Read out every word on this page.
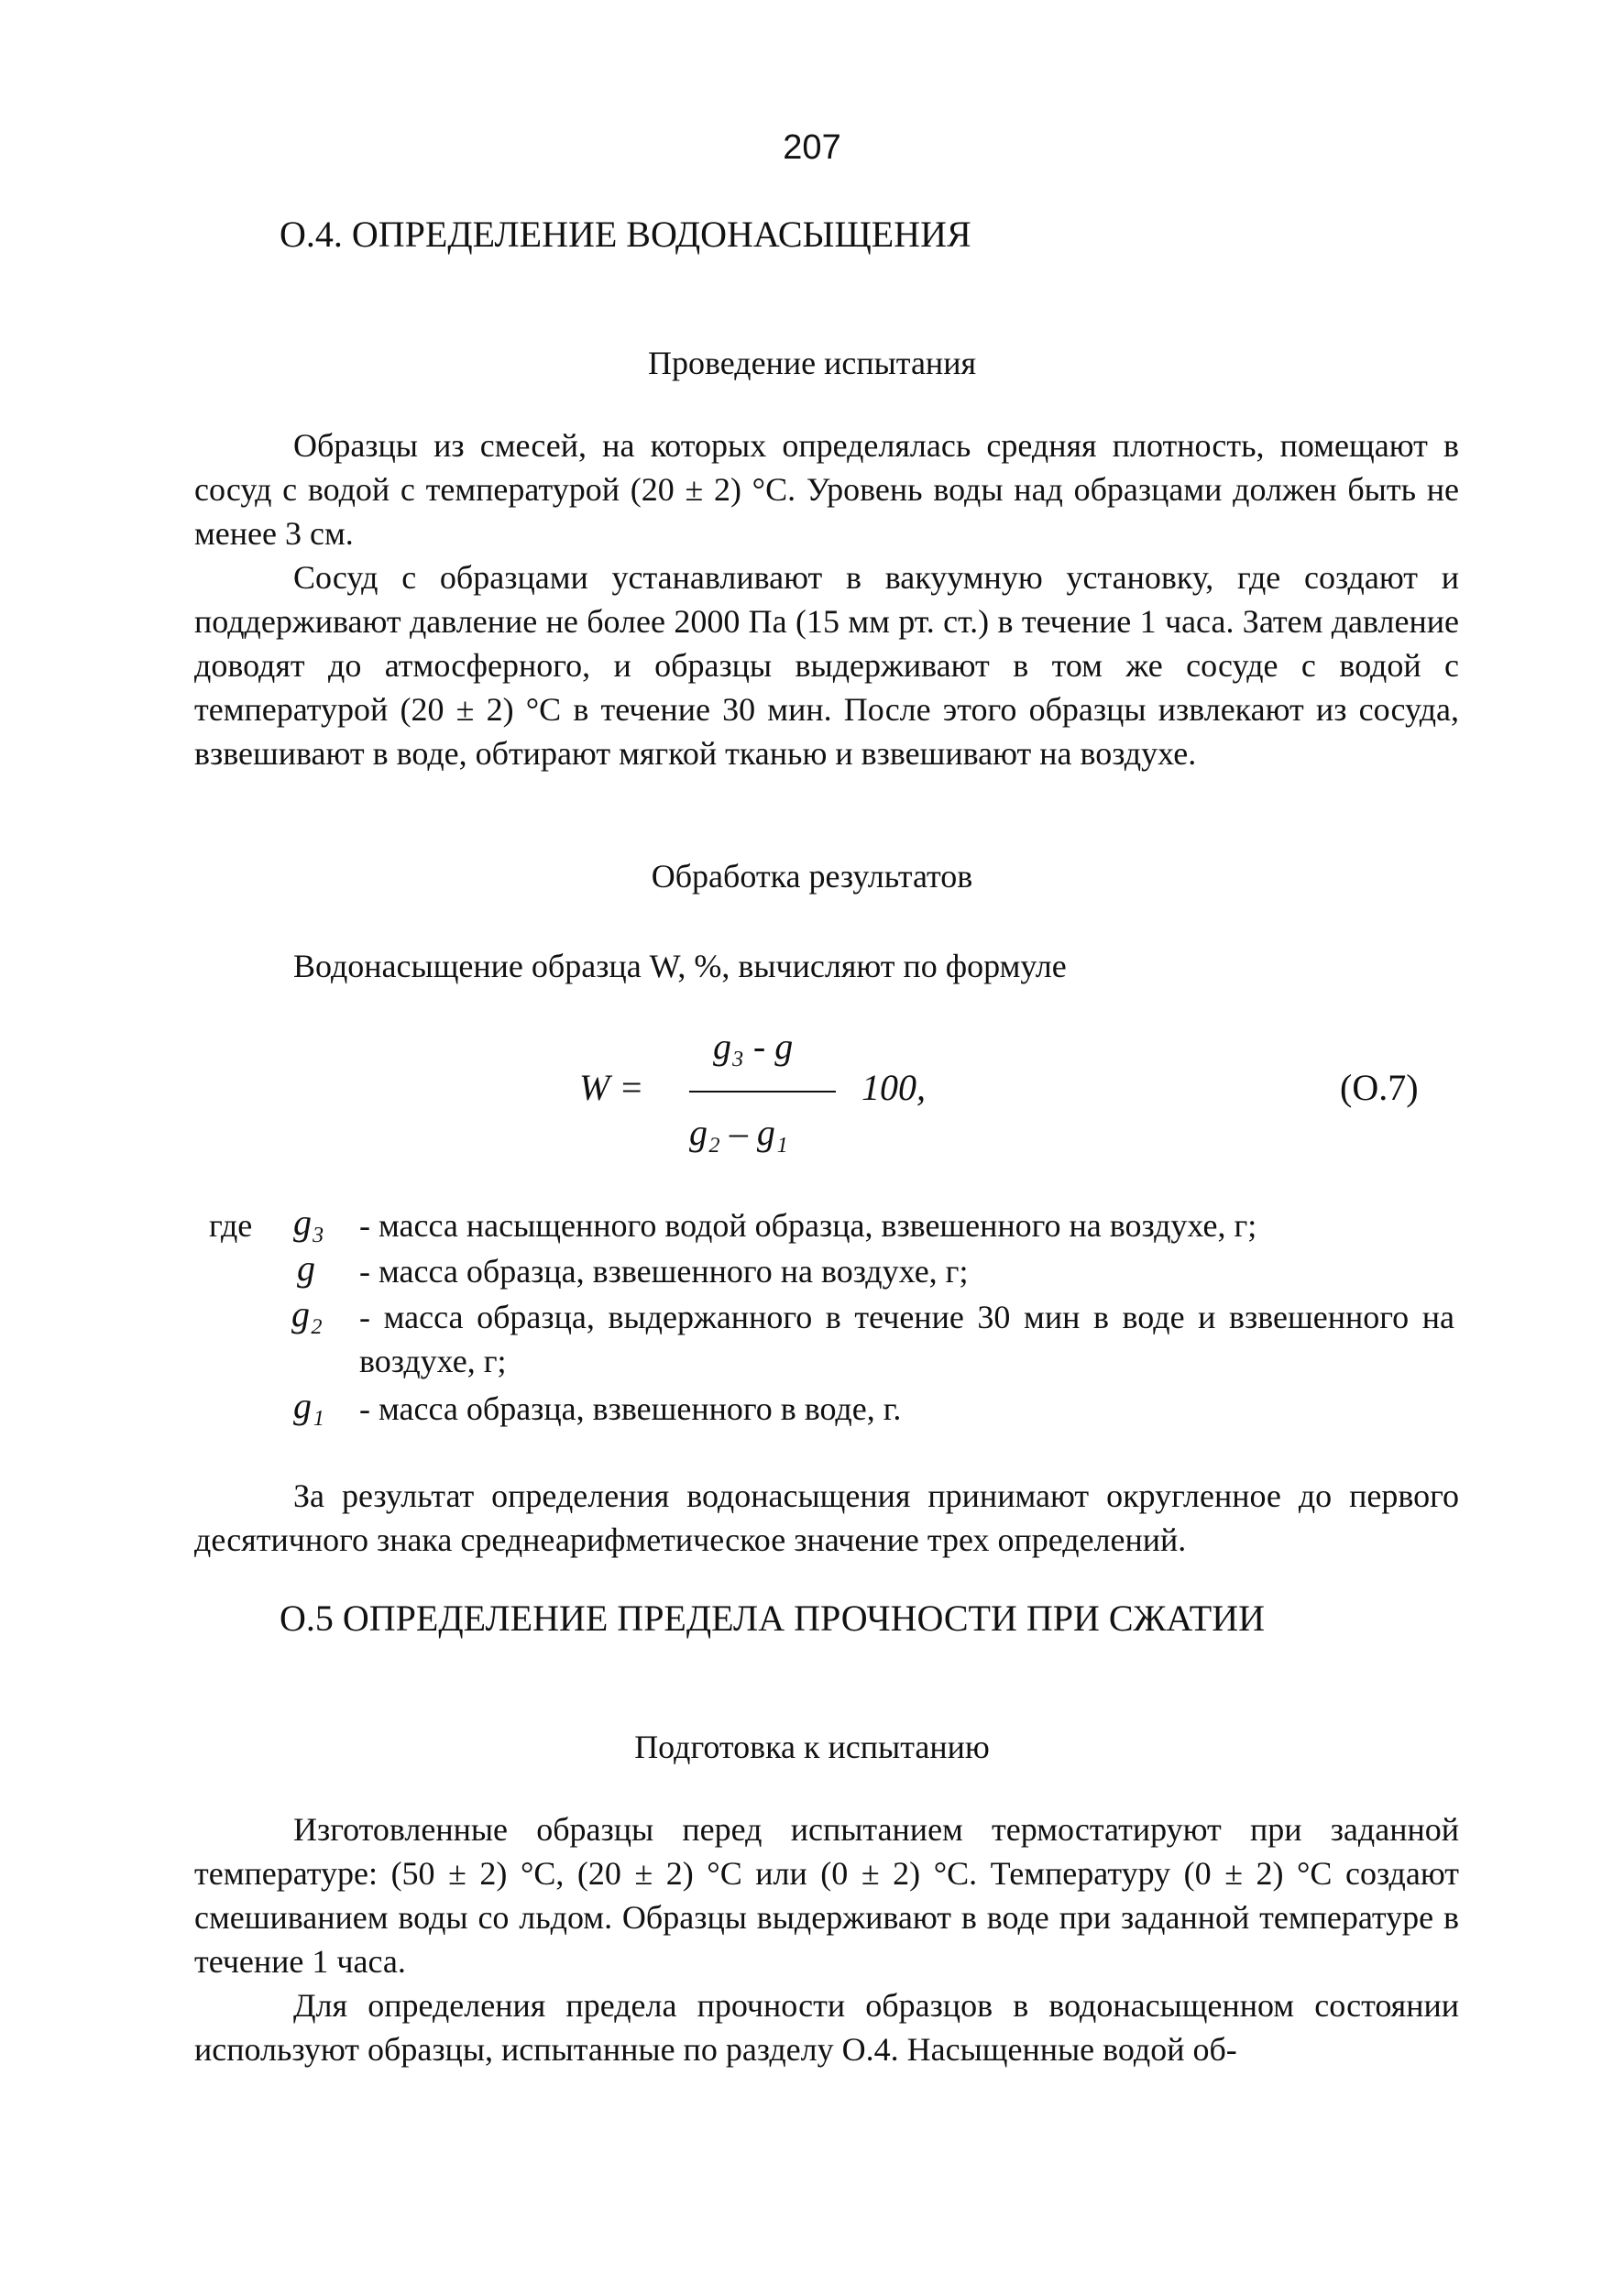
207
О.4. ОПРЕДЕЛЕНИЕ ВОДОНАСЫЩЕНИЯ
Проведение испытания
Образцы из смесей, на которых определялась средняя плотность, помещают в сосуд с водой с температурой (20 ± 2) °С. Уровень воды над образцами должен быть не менее 3 см.
Сосуд с образцами устанавливают в вакуумную установку, где создают и поддерживают давление не более 2000 Па (15 мм рт. ст.) в течение 1 часа. Затем давление доводят до атмосферного, и образцы выдерживают в том же сосуде с водой с температурой (20 ± 2) °С в течение 30 мин. После этого образцы извлекают из сосуда, взвешивают в воде, обтирают мягкой тканью и взвешивают на воздухе.
Обработка результатов
Водонасыщение образца W, %, вычисляют по формуле
W =
g₃ - g
g₂ – g₁
100,	(О.7)
где g₃ - масса насыщенного водой образца, взвешенного на воздухе, г;
g - масса образца, взвешенного на воздухе, г;
g₂ - масса образца, выдержанного в течение 30 мин в воде и взвешенного на воздухе, г;
g₁ - масса образца, взвешенного в воде, г.
За результат определения водонасыщения принимают округленное до первого десятичного знака среднеарифметическое значение трех определений.
О.5 ОПРЕДЕЛЕНИЕ ПРЕДЕЛА ПРОЧНОСТИ ПРИ СЖАТИИ
Подготовка к испытанию
Изготовленные образцы перед испытанием термостатируют при заданной температуре: (50 ± 2) °С, (20 ± 2) °С или (0 ± 2) °С. Температуру (0 ± 2) °С создают смешиванием воды со льдом. Образцы выдерживают в воде при заданной температуре в течение 1 часа.
Для определения предела прочности образцов в водонасыщенном состоянии используют образцы, испытанные по разделу О.4. Насыщенные водой об-
